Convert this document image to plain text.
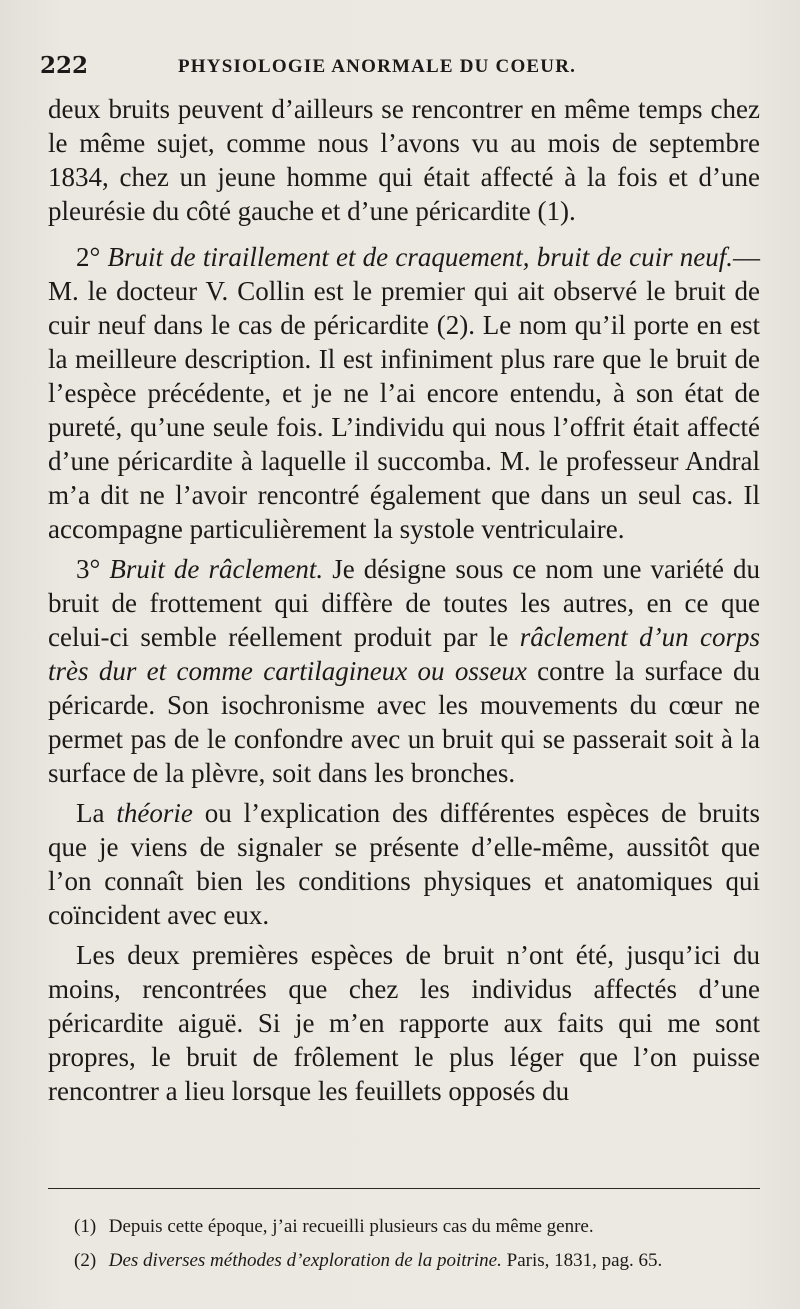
222	PHYSIOLOGIE ANORMALE DU COEUR.

deux bruits peuvent d’ailleurs se rencontrer en même temps chez le même sujet, comme nous l’avons vu au mois de septembre 1834, chez un jeune homme qui était affecté à la fois et d’une pleurésie du côté gauche et d’une péricardite (1).

2° Bruit de tiraillement et de craquement, bruit de cuir neuf.— M. le docteur V. Collin est le premier qui ait observé le bruit de cuir neuf dans le cas de péricardite (2). Le nom qu’il porte en est la meilleure description. Il est infiniment plus rare que le bruit de l’espèce précédente, et je ne l’ai encore entendu, à son état de pureté, qu’une seule fois. L’individu qui nous l’offrit était affecté d’une péricardite à laquelle il succomba. M. le professeur Andral m’a dit ne l’avoir rencontré également que dans un seul cas. Il accompagne particulièrement la systole ventriculaire.

3° Bruit de râclement. Je désigne sous ce nom une variété du bruit de frottement qui diffère de toutes les autres, en ce que celui-ci semble réellement produit par le râclement d’un corps très dur et comme cartilagineux ou osseux contre la surface du péricarde. Son isochronisme avec les mouvements du cœur ne permet pas de le confondre avec un bruit qui se passerait soit à la surface de la plèvre, soit dans les bronches.

La théorie ou l’explication des différentes espèces de bruits que je viens de signaler se présente d’elle-même, aussitôt que l’on connaît bien les conditions physiques et anatomiques qui coïncident avec eux.

Les deux premières espèces de bruit n’ont été, jusqu’ici du moins, rencontrées que chez les individus affectés d’une péricardite aiguë. Si je m’en rapporte aux faits qui me sont propres, le bruit de frôlement le plus léger que l’on puisse rencontrer a lieu lorsque les feuillets opposés du

(1) Depuis cette époque, j’ai recueilli plusieurs cas du même genre.

(2) Des diverses méthodes d’exploration de la poitrine. Paris, 1831, pag. 65.
